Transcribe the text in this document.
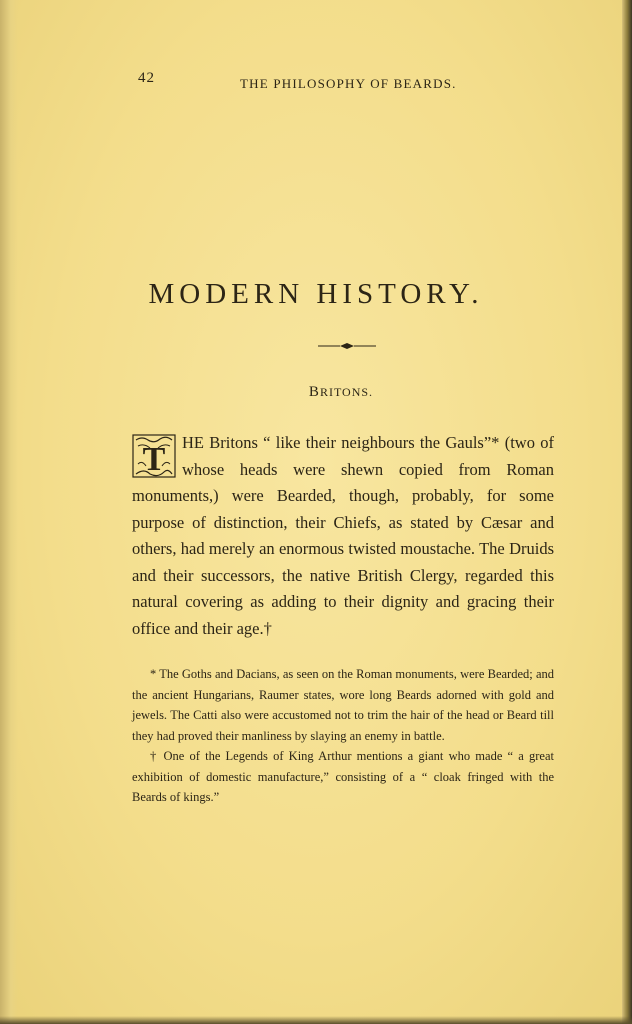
42	THE PHILOSOPHY OF BEARDS.
MODERN HISTORY.
BRITONS.
T HE Britons “ like their neighbours the Gauls”* (two of whose heads were shewn copied from Roman monuments,) were Bearded, though, probably, for some purpose of distinction, their Chiefs, as stated by Cæsar and others, had merely an enormous twisted moustache. The Druids and their successors, the native British Clergy, regarded this natural covering as adding to their dignity and gracing their office and their age.†

* The Goths and Dacians, as seen on the Roman monuments, were Bearded; and the ancient Hungarians, Raumer states, wore long Beards adorned with gold and jewels. The Catti also were accustomed not to trim the hair of the head or Beard till they had proved their manliness by slaying an enemy in battle.

† One of the Legends of King Arthur mentions a giant who made “ a great exhibition of domestic manufacture,” consisting of a “ cloak fringed with the Beards of kings.”
